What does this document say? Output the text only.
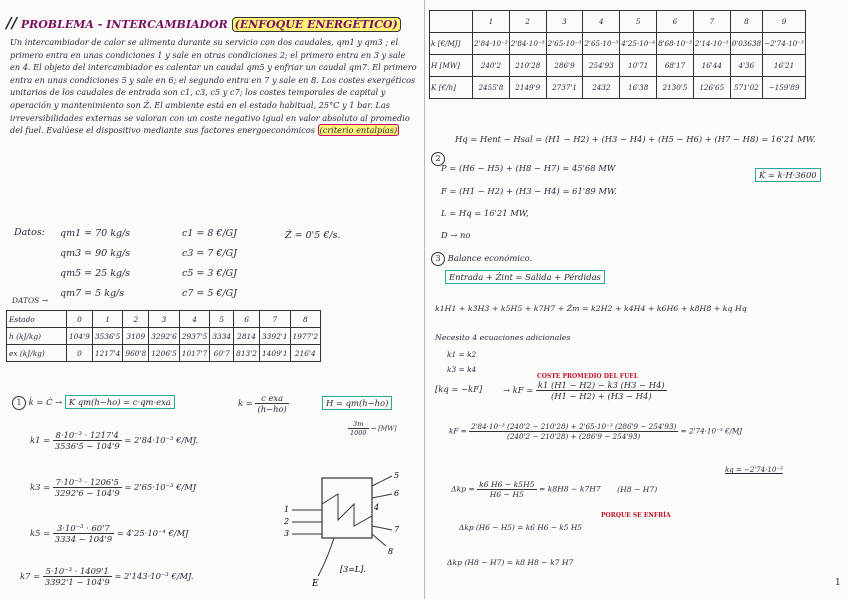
// PROBLEMA - INTERCAMBIADOR (ENFOQUE ENERGÉTICO)
Un intercambiador de calor se alimenta durante su servicio con dos caudales, qm1 y qm3 ; el primero entra en unas condiciones 1 y sale en otras condiciones 2; el primero entra en 3 y sale en 4. El objeto del intercambiador es calentar un caudal qm5 y enfriar un caudal qm7. El primero entra en unas condiciones 5 y sale en 6; el segundo entra en 7 y sale en 8. Los costes exergéticos unitarios de los caudales de entrada son c1, c3, c5 y c7; los costes temporales de capital y operación y mantenimiento son Ż. El ambiente está en el estado habitual, 25°C y 1 bar. Las irreversibilidades externas se valoran con un coste negativo igual en valor absoluto al promedio del fuel. Evalúese el dispositivo mediante sus factores energoeconómicos (criterio entalpías)
Datos: qm1 = 70 kg/s
qm3 = 90 kg/s
qm5 = 25 kg/s
qm7 = 5 kg/s
c1 = 8 €/GJ
c3 = 7 €/GJ
c5 = 3 €/GJ
c7 = 5 €/GJ
Ż = 0'5 €/s.
DATOS →
Estado	0	1	2	3	4	5	6	7	8
h (kJ/kg)	104'9	3536'5	3109	3292'6	2937'5	3334	2814	3392'1	1977'2
ex (kJ/kg)	0	1217'4	960'8	1206'5	1017'7	60'7	813'2	1409'1	216'4
1 k̇ = Ċ → K qm(h−ho) = c·qm·exa	$k = \frac{\text{c exa}}{(h-ho)}$	H = qm(h−ho)
$\frac{3m}{1000} \to [MW]$
$k1 = \frac{\text{8·10⁻³ · 1217'4}}{3536'5 - 104'9} = 2'84\cdot 10^{-3}$ €/MJ.
$k3 = \frac{\text{7·10⁻³ · 1206'5}}{3292'6 - 104'9} = 2'65\cdot 10^{-3}$ €/MJ
$k5 = \frac{\text{3·10⁻³ · 60'7}}{3334 - 104'9} = 4'25\cdot 10^{-4}$ €/MJ
$k7 = \frac{\text{5·10⁻³ · 1409'1}}{3392'1 - 104'9} = 2'143\cdot 10^{-3}$ €/MJ.
1
2
3
5
6
7
8
4
E
[3=L].
	1	2	3	4	5	6	7	8	9
k [€/MJ]	2'84·10⁻³	2'84·10⁻³	2'65·10⁻³	2'65·10⁻³	4'25·10⁻⁴	8'68·10⁻³	2'14·10⁻³	0'03638	−2'74·10⁻³
H [MW]	240'2	210'28	286'9	254'93	10'71	68'17	16'44	4'36	16'21
K [€/h]	2455'8	2149'9	2737'1	2432	16'38	2130'5	126'65	571'02	−159'89
Hq = Hent − Hsal = (H1 − H2) + (H3 − H4) + (H5 − H6) + (H7 − H8) = 16'21 MW.
2
P = (H6 − H5) + (H8 − H7) = 45'68 MW
F = (H1 − H2) + (H3 − H4) = 61'89 MW.
L = Hq = 16'21 MW,
D → no
K̇ = k·H·3600
3 Balance económico.
Entrada + Żint = Salida + Pérdidas
k1H1 + k3H3 + k5H5 + k7H7 + Żm = k2H2 + k4H4 + k6H6 + k8H8 + kq Hq
Necesito 4 ecuaciones adicionales
k1 = k2
k3 = k4
COSTE PROMEDIO DEL FUEL
[kq = −kF] → kF = $\frac{k1 (H1 - H2) - k3 (H3 - H4)}{(H1 - H2) + (H3 - H4)}$
kF = $\frac{\text{2'84·10⁻³ (240'2 − 210'28) + 2'65·10⁻³ (286'9 − 254'93)}}{(240'2 - 210'28) + (286'9 - 254'93)} = 2'74\cdot 10^{-3}$ €/MJ
kq = −2'74·10⁻³
$\Delta kp = \frac{k6 H6 - k5H5}{H6 - H5} = k8H8 - k7H7$ (H8 − H7)
PORQUE SE ENFRÍA
Δkp (H6 − H5) = k6 H6 − k5 H5
Δkp (H8 − H7) = k8 H8 − k7 H7
1
